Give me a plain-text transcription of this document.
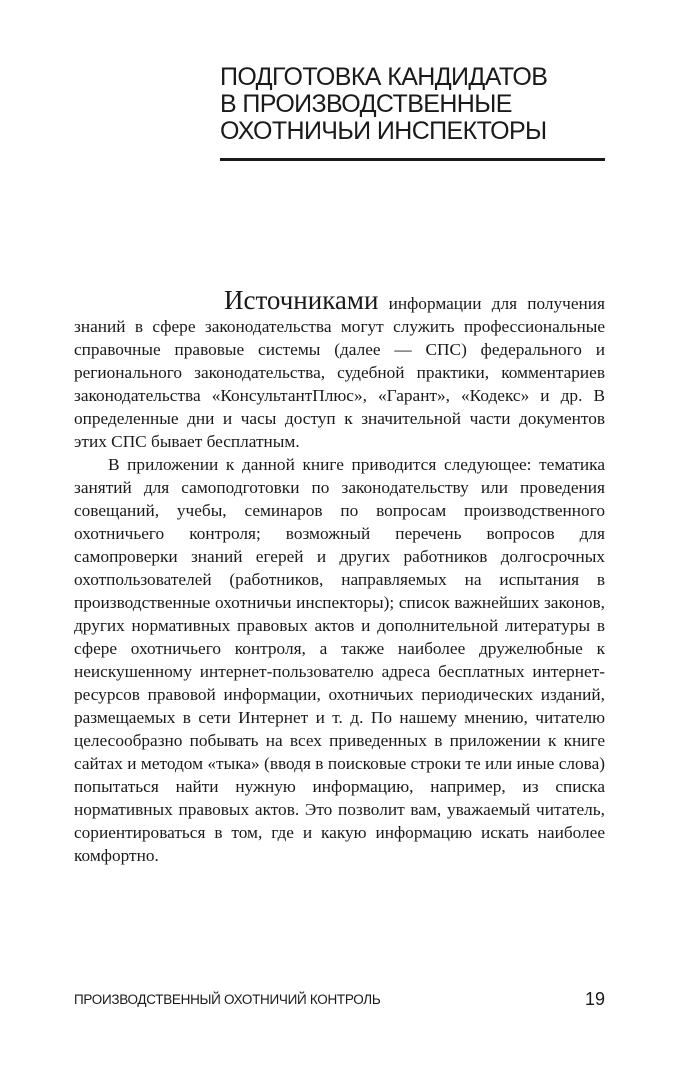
ПОДГОТОВКА КАНДИДАТОВ
В ПРОИЗВОДСТВЕННЫЕ
ОХОТНИЧЬИ ИНСПЕКТОРЫ

Источниками информации для получения знаний в сфере законодательства могут служить профессиональные справочные правовые системы (далее — СПС) федерального и регионального законодательства, судебной практики, комментариев законодательства «КонсультантПлюс», «Гарант», «Кодекс» и др. В определенные дни и часы доступ к значительной части документов этих СПС бывает бесплатным.

В приложении к данной книге приводится следующее: тематика занятий для самоподготовки по законодательству или проведения совещаний, учебы, семинаров по вопросам производственного охотничьего контроля; возможный перечень вопросов для самопроверки знаний егерей и других работников долгосрочных охотпользователей (работников, направляемых на испытания в производственные охотничьи инспекторы); список важнейших законов, других нормативных правовых актов и дополнительной литературы в сфере охотничьего контроля, а также наиболее дружелюбные к неискушенному интернет-пользователю адреса бесплатных интернет-ресурсов правовой информации, охотничьих периодических изданий, размещаемых в сети Интернет и т. д. По нашему мнению, читателю целесообразно побывать на всех приведенных в приложении к книге сайтах и методом «тыка» (вводя в поисковые строки те или иные слова) попытаться найти нужную информацию, например, из списка нормативных правовых актов. Это позволит вам, уважаемый читатель, сориентироваться в том, где и какую информацию искать наиболее комфортно.

ПРОИЗВОДСТВЕННЫЙ ОХОТНИЧИЙ КОНТРОЛЬ	19
